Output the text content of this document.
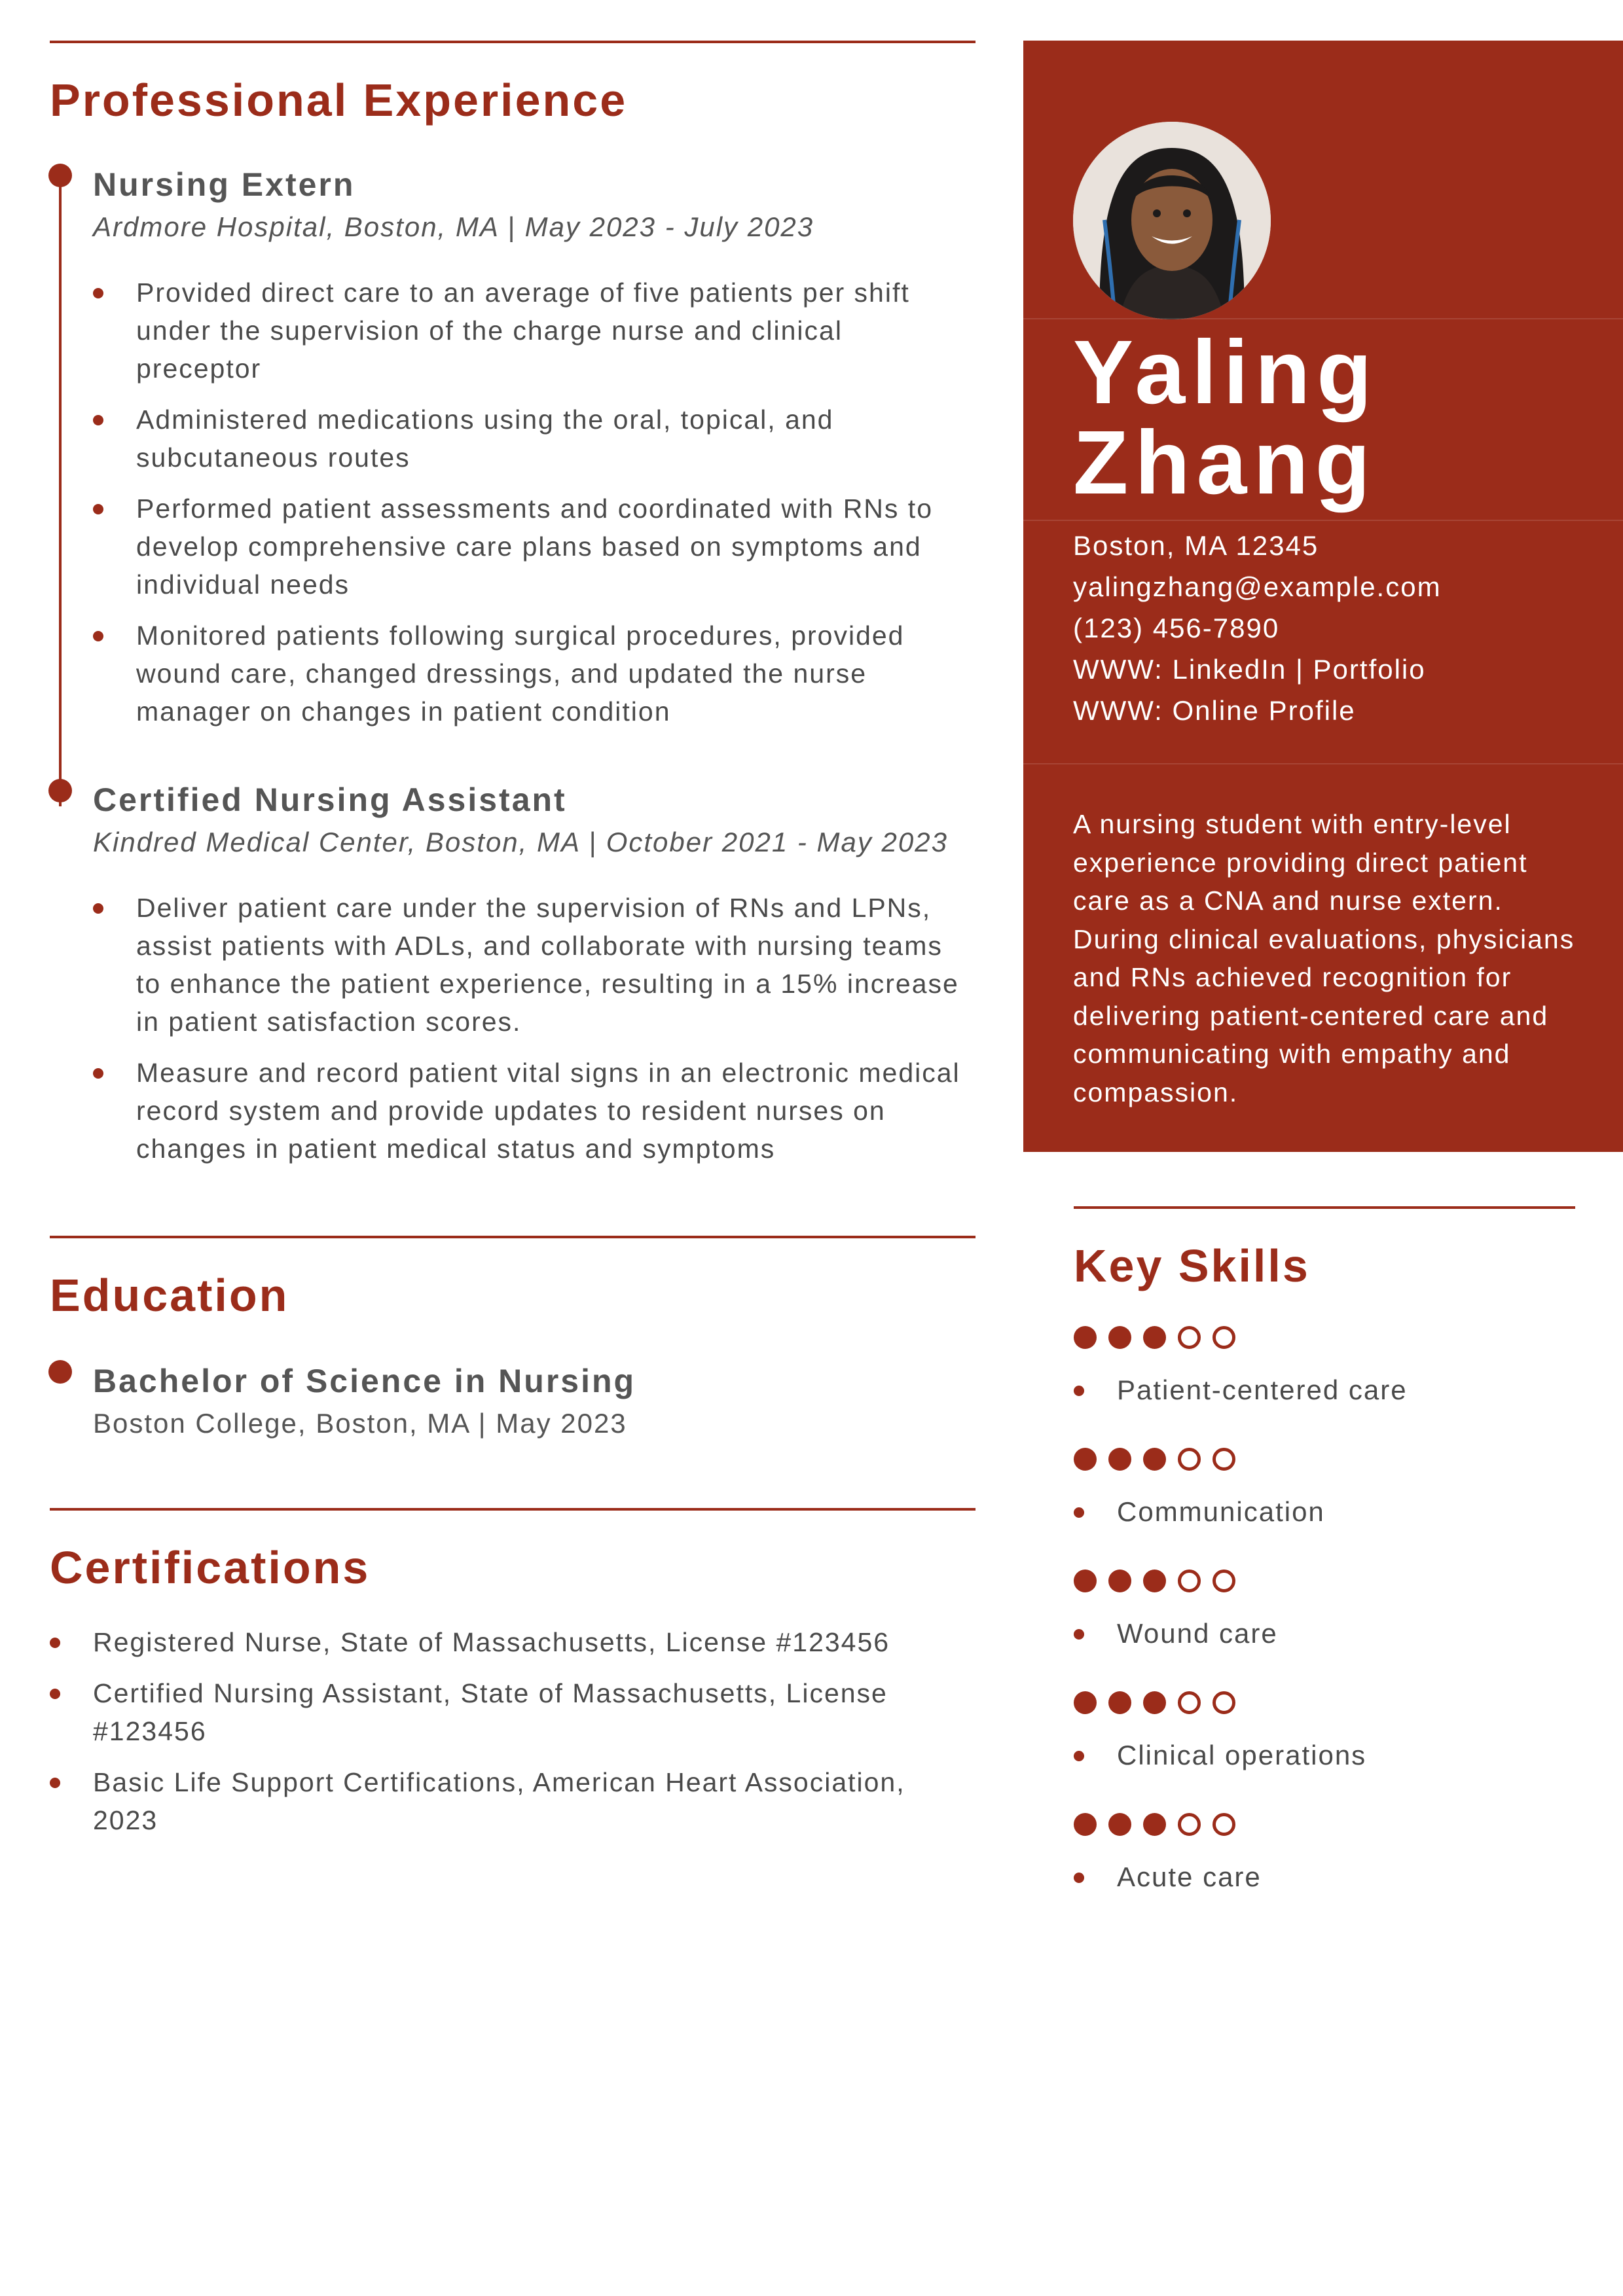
Professional Experience
Nursing Extern
Ardmore Hospital, Boston, MA | May 2023 - July 2023
Provided direct care to an average of five patients per shift under the supervision of the charge nurse and clinical preceptor
Administered medications using the oral, topical, and subcutaneous routes
Performed patient assessments and coordinated with RNs to develop comprehensive care plans based on symptoms and individual needs
Monitored patients following surgical procedures, provided wound care, changed dressings, and updated the nurse manager on changes in patient condition
Certified Nursing Assistant
Kindred Medical Center, Boston, MA | October 2021 - May 2023
Deliver patient care under the supervision of RNs and LPNs, assist patients with ADLs, and collaborate with nursing teams to enhance the patient experience, resulting in a 15% increase in patient satisfaction scores.
Measure and record patient vital signs in an electronic medical record system and provide updates to resident nurses on changes in patient medical status and symptoms
Education
Bachelor of Science in Nursing
Boston College, Boston, MA | May 2023
Certifications
Registered Nurse, State of Massachusetts, License #123456
Certified Nursing Assistant, State of Massachusetts, License #123456
Basic Life Support Certifications, American Heart Association, 2023
Yaling
Zhang
Boston, MA 12345
yalingzhang@example.com
(123) 456-7890
WWW: LinkedIn | Portfolio
WWW: Online Profile
A nursing student with entry-level experience providing direct patient care as a CNA and nurse extern. During clinical evaluations, physicians and RNs achieved recognition for delivering patient-centered care and communicating with empathy and compassion.
Key Skills
Patient-centered care
Communication
Wound care
Clinical operations
Acute care
